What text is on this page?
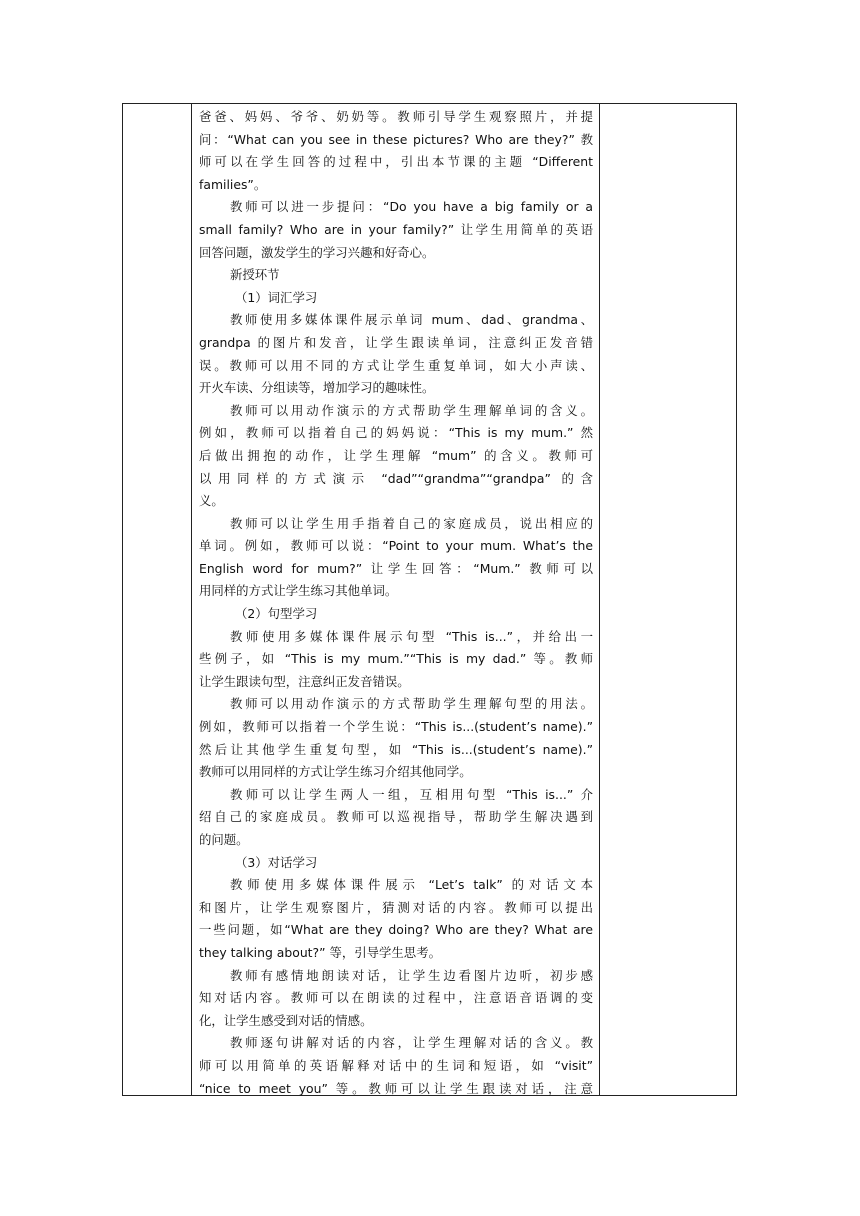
爸爸、妈妈、爷爷、奶奶等。教师引导学生观察照片，并提
问：“What can you see in these pictures? Who are they?” 教
师可以在学生回答的过程中，引出本节课的主题 “Different
families”。
教师可以进一步提问：“Do you have a big family or a
small family? Who are in your family?” 让学生用简单的英语
回答问题，激发学生的学习兴趣和好奇心。
新授环节
（1）词汇学习
教师使用多媒体课件展示单词 mum、dad、grandma、
grandpa 的图片和发音，让学生跟读单词，注意纠正发音错
误。教师可以用不同的方式让学生重复单词，如大小声读、
开火车读、分组读等，增加学习的趣味性。
教师可以用动作演示的方式帮助学生理解单词的含义。
例如，教师可以指着自己的妈妈说：“This is my mum.” 然
后做出拥抱的动作，让学生理解 “mum” 的含义。教师可
以用同样的方式演示 “dad”“grandma”“grandpa” 的含
义。
教师可以让学生用手指着自己的家庭成员，说出相应的
单词。例如，教师可以说：“Point to your mum. What’s the
English word for mum?” 让学生回答：“Mum.” 教师可以
用同样的方式让学生练习其他单词。
（2）句型学习
教师使用多媒体课件展示句型 “This is...”，并给出一
些例子，如 “This is my mum.”“This is my dad.” 等。教师
让学生跟读句型，注意纠正发音错误。
教师可以用动作演示的方式帮助学生理解句型的用法。
例如，教师可以指着一个学生说：“This is...(student’s name).”
然后让其他学生重复句型，如 “This is...(student’s name).”
教师可以用同样的方式让学生练习介绍其他同学。
教师可以让学生两人一组，互相用句型 “This is...” 介
绍自己的家庭成员。教师可以巡视指导，帮助学生解决遇到
的问题。
（3）对话学习
教师使用多媒体课件展示 “Let’s talk” 的对话文本
和图片，让学生观察图片，猜测对话的内容。教师可以提出
一些问题，如“What are they doing? Who are they? What are
they talking about?” 等，引导学生思考。
教师有感情地朗读对话，让学生边看图片边听，初步感
知对话内容。教师可以在朗读的过程中，注意语音语调的变
化，让学生感受到对话的情感。
教师逐句讲解对话的内容，让学生理解对话的含义。教
师可以用简单的英语解释对话中的生词和短语，如 “visit”
“nice to meet you” 等。教师可以让学生跟读对话，注意
